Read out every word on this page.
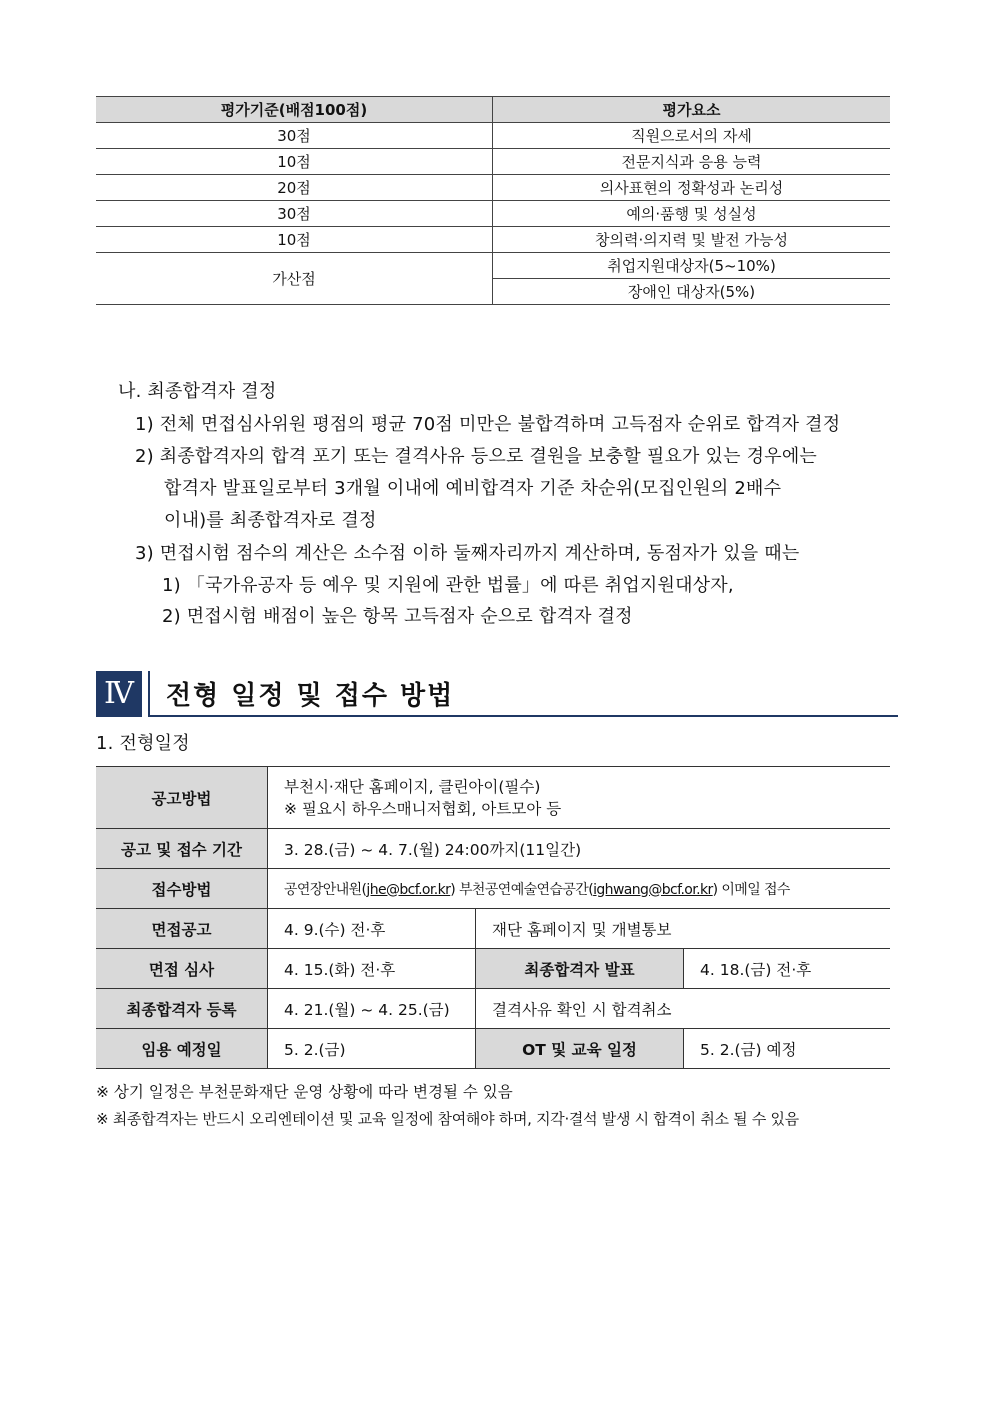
평가기준(배점100점)	평가요소
30점	직원으로서의 자세
10점	전문지식과 응용 능력
20점	의사표현의 정확성과 논리성
30점	예의·품행 및 성실성
10점	창의력·의지력 및 발전 가능성
가산점	취업지원대상자(5~10%)
	장애인 대상자(5%)
나. 최종합격자 결정
1) 전체 면접심사위원 평점의 평균 70점 미만은 불합격하며 고득점자 순위로 합격자 결정
2) 최종합격자의 합격 포기 또는 결격사유 등으로 결원을 보충할 필요가 있는 경우에는
합격자 발표일로부터 3개월 이내에 예비합격자 기준 차순위(모집인원의 2배수
이내)를 최종합격자로 결정
3) 면접시험 점수의 계산은 소수점 이하 둘째자리까지 계산하며, 동점자가 있을 때는
1) 「국가유공자 등 예우 및 지원에 관한 법률」에 따른 취업지원대상자,
2) 면접시험 배점이 높은 항목 고득점자 순으로 합격자 결정
Ⅳ	전형 일정 및 접수 방법
1. 전형일정
공고방법	부천시·재단 홈페이지, 클린아이(필수)
※ 필요시 하우스매니저협회, 아트모아 등		

공고 및 접수 기간	3. 28.(금) ~ 4. 7.(월) 24:00까지(11일간)		
접수방법	공연장안내원(jhe@bcf.or.kr) 부천공연예술연습공간(ighwang@bcf.or.kr) 이메일 접수		
면접공고	4. 9.(수) 전·후	재단 홈페이지 및 개별통보	
면접 심사	4. 15.(화) 전·후	최종합격자 발표	4. 18.(금) 전·후
최종합격자 등록	4. 21.(월) ~ 4. 25.(금)	결격사유 확인 시 합격취소	
임용 예정일	5. 2.(금)	OT 및 교육 일정	5. 2.(금) 예정
※ 상기 일정은 부천문화재단 운영 상황에 따라 변경될 수 있음
※ 최종합격자는 반드시 오리엔테이션 및 교육 일정에 참여해야 하며, 지각·결석 발생 시 합격이 취소 될 수 있음
